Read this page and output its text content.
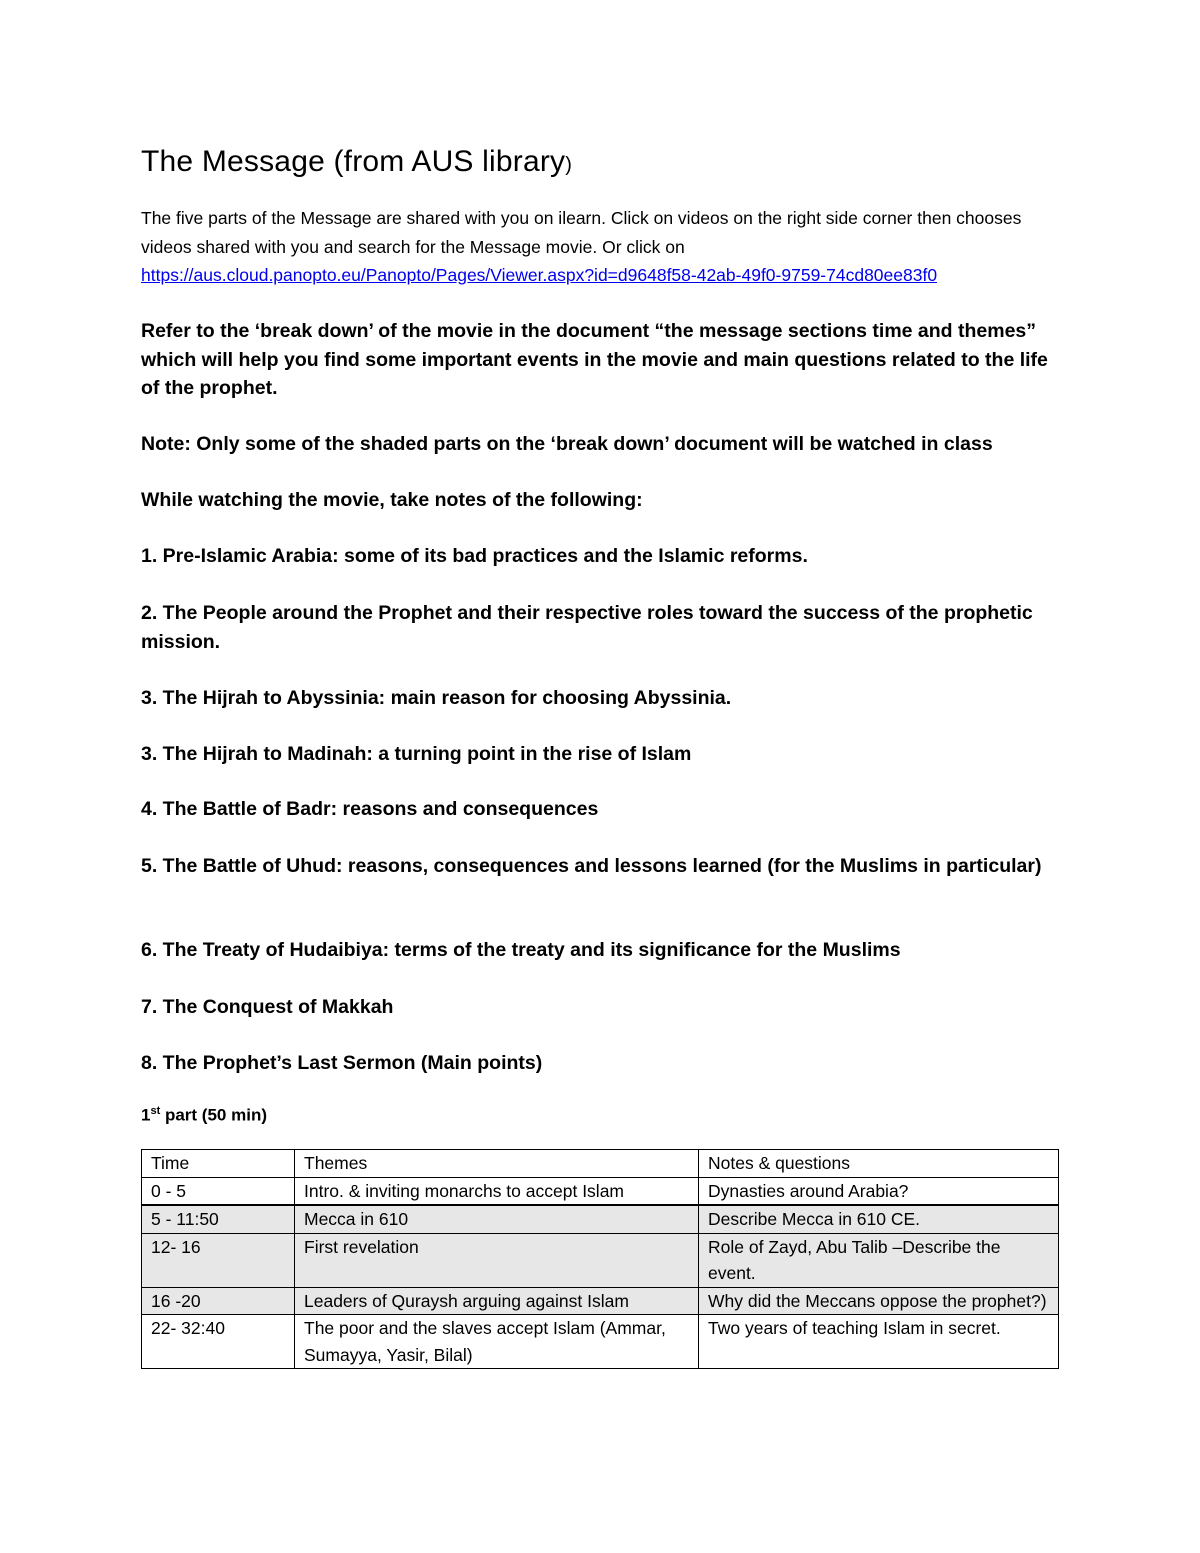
The Message (from AUS library)

The five parts of the Message are shared with you on ilearn. Click on videos on the right side corner then chooses videos shared with you and search for the Message movie. Or click on
https://aus.cloud.panopto.eu/Panopto/Pages/Viewer.aspx?id=d9648f58-42ab-49f0-9759-74cd80ee83f0

Refer to the ‘break down’ of the movie in the document “the message sections time and themes” which will help you find some important events in the movie and main questions related to the life of the prophet.

Note: Only some of the shaded parts on the ‘break down’ document will be watched in class

While watching the movie, take notes of the following:

1. Pre-Islamic Arabia: some of its bad practices and the Islamic reforms.

2. The People around the Prophet and their respective roles toward the success of the prophetic mission.

3. The Hijrah to Abyssinia: main reason for choosing Abyssinia.

3. The Hijrah to Madinah: a turning point in the rise of Islam

4. The Battle of Badr: reasons and consequences

5. The Battle of Uhud: reasons, consequences and lessons learned (for the Muslims in particular)

6. The Treaty of Hudaibiya: terms of the treaty and its significance for the Muslims

7. The Conquest of Makkah

8. The Prophet’s Last Sermon (Main points)

1st part (50 min)

Time	Themes	Notes & questions
0 - 5	Intro. & inviting monarchs to accept Islam	Dynasties around Arabia?
5 - 11:50	Mecca in 610	Describe Mecca in 610 CE.
12- 16	First revelation	Role of Zayd, Abu Talib –Describe the event.
16 -20	Leaders of Quraysh arguing against Islam	Why did the Meccans oppose the prophet?)
22- 32:40	The poor and the slaves accept Islam (Ammar, Sumayya, Yasir, Bilal)	Two years of teaching Islam in secret.
